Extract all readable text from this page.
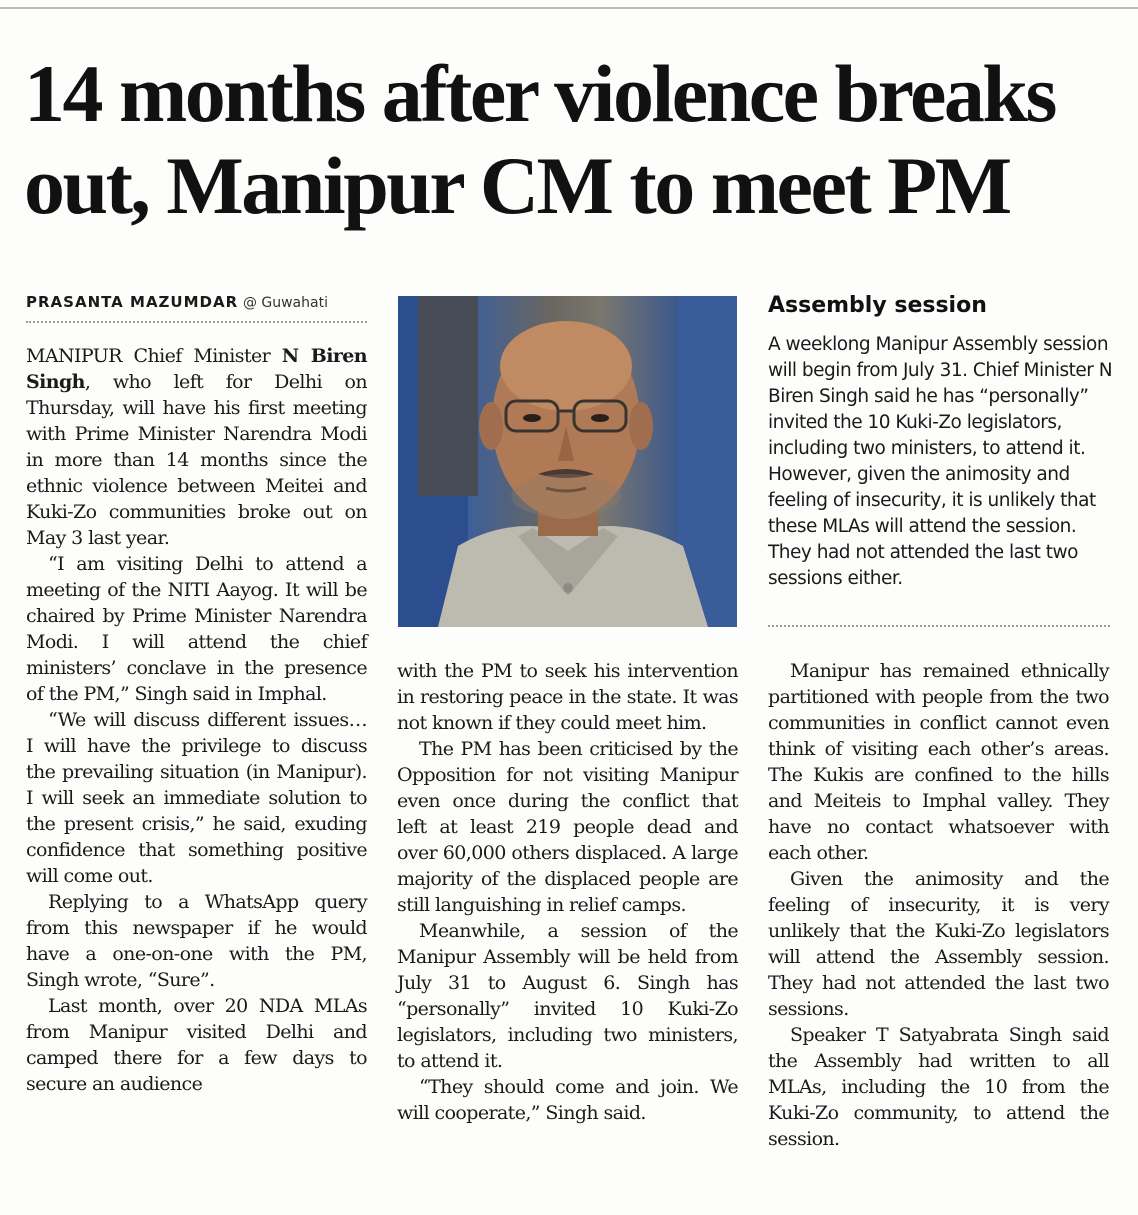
14 months after violence breaks out, Manipur CM to meet PM
PRASANTA MAZUMDAR @ Guwahati

MANIPUR Chief Minister N Biren Singh, who left for Delhi on Thursday, will have his first meeting with Prime Minister Narendra Modi in more than 14 months since the ethnic violence between Meitei and Kuki-Zo communities broke out on May 3 last year.

“I am visiting Delhi to attend a meeting of the NITI Aayog. It will be chaired by Prime Minister Narendra Modi. I will attend the chief ministers’ conclave in the presence of the PM,” Singh said in Imphal.

“We will discuss different issues… I will have the privilege to discuss the prevailing situation (in Manipur). I will seek an immediate solution to the present crisis,” he said, exuding confidence that something positive will come out.

Replying to a WhatsApp query from this newspaper if he would have a one-on-one with the PM, Singh wrote, “Sure”.

Last month, over 20 NDA MLAs from Manipur visited Delhi and camped there for a few days to secure an audience

Assembly session

A weeklong Manipur Assembly session will begin from July 31. Chief Minister N Biren Singh said he has “personally” invited the 10 Kuki-Zo legislators, including two ministers, to attend it. However, given the animosity and feeling of insecurity, it is unlikely that these MLAs will attend the session. They had not attended the last two sessions either.

with the PM to seek his intervention in restoring peace in the state. It was not known if they could meet him.

The PM has been criticised by the Opposition for not visiting Manipur even once during the conflict that left at least 219 people dead and over 60,000 others displaced. A large majority of the displaced people are still languishing in relief camps.

Meanwhile, a session of the Manipur Assembly will be held from July 31 to August 6. Singh has “personally” invited 10 Kuki-Zo legislators, including two ministers, to attend it.

“They should come and join. We will cooperate,” Singh said.

Manipur has remained ethnically partitioned with people from the two communities in conflict cannot even think of visiting each other’s areas. The Kukis are confined to the hills and Meiteis to Imphal valley. They have no contact whatsoever with each other.

Given the animosity and the feeling of insecurity, it is very unlikely that the Kuki-Zo legislators will attend the Assembly session. They had not attended the last two sessions.

Speaker T Satyabrata Singh said the Assembly had written to all MLAs, including the 10 from the Kuki-Zo community, to attend the session.
